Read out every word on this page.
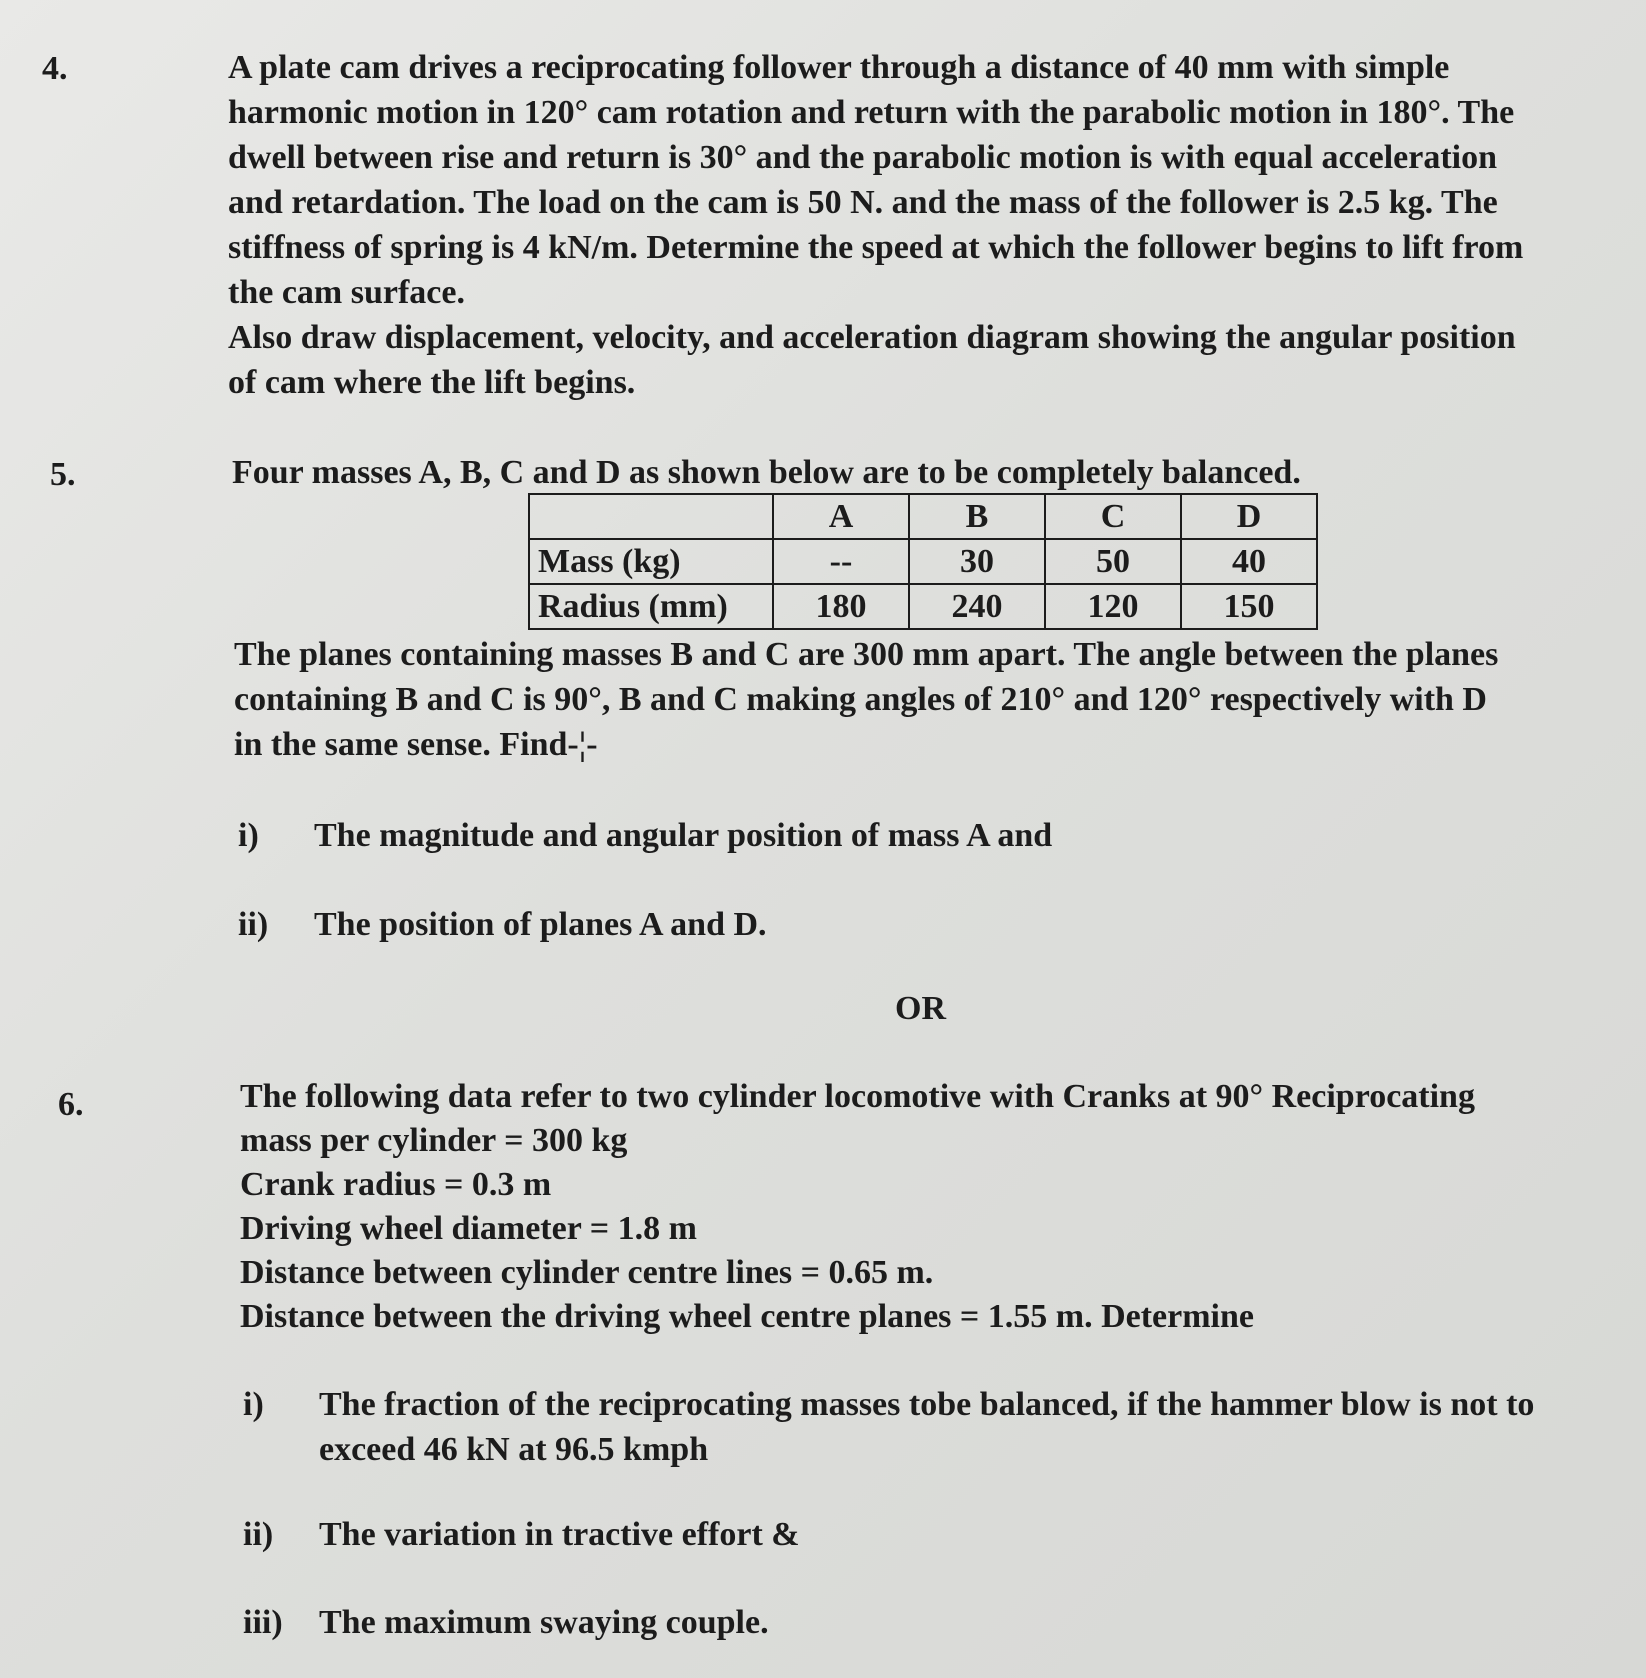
4.	A plate cam drives a reciprocating follower through a distance of 40 mm with simple
harmonic motion in 120° cam rotation and return with the parabolic motion in 180°. The
dwell between rise and return is 30° and the parabolic motion is with equal acceleration
and retardation. The load on the cam is 50 N. and the mass of the follower is 2.5 kg. The
stiffness of spring is 4 kN/m. Determine the speed at which the follower begins to lift from
the cam surface.
Also draw displacement, velocity, and acceleration diagram showing the angular position
of cam where the lift begins.
5.	Four masses A, B, C and D as shown below are to be completely balanced.
	A	B	C	D
Mass (kg)	--	30	50	40
Radius (mm)	180	240	120	150
The planes containing masses B and C are 300 mm apart. The angle between the planes
containing B and C is 90°, B and C making angles of 210° and 120° respectively with D
in the same sense. Find-¦-
i) The magnitude and angular position of mass A and
ii) The position of planes A and D.
OR
6.	The following data refer to two cylinder locomotive with Cranks at 90° Reciprocating
mass per cylinder = 300 kg
Crank radius = 0.3 m
Driving wheel diameter = 1.8 m
Distance between cylinder centre lines = 0.65 m.
Distance between the driving wheel centre planes = 1.55 m. Determine
i) The fraction of the reciprocating masses tobe balanced, if the hammer blow is not to
exceed 46 kN at 96.5 kmph
ii) The variation in tractive effort &
iii) The maximum swaying couple.
